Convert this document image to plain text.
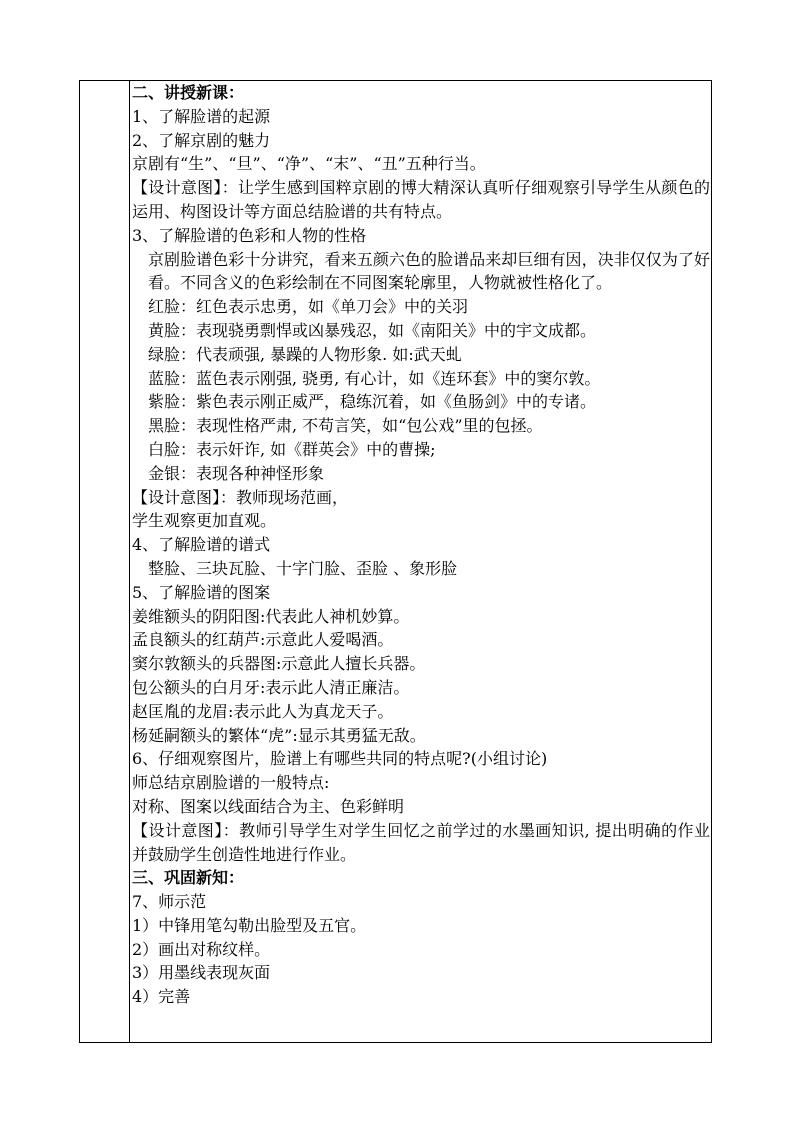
二、讲授新课：
1、了解脸谱的起源
2、了解京剧的魅力
京剧有“生”、“旦”、“净”、“末”、“丑”五种行当。
【设计意图】：让学生感到国粹京剧的博大精深认真听仔细观察引导学生从颜色的运用、构图设计等方面总结脸谱的共有特点。
3、了解脸谱的色彩和人物的性格
京剧脸谱色彩十分讲究，看来五颜六色的脸谱品来却巨细有因，决非仅仅为了好看。不同含义的色彩绘制在不同图案轮廓里，人物就被性格化了。
红脸：红色表示忠勇，如《单刀会》中的关羽
黄脸：表现骁勇剽悍或凶暴残忍，如《南阳关》中的宇文成都。
绿脸：代表顽强, 暴躁的人物形象. 如:武天虬
蓝脸：蓝色表示刚强, 骁勇, 有心计，如《连环套》中的窦尔敦。
紫脸：紫色表示刚正威严，稳练沉着，如《鱼肠剑》中的专诸。
黑脸：表现性格严肃, 不苟言笑，如“包公戏”里的包拯。
白脸：表示奸诈, 如《群英会》中的曹操;
金银：表现各种神怪形象
【设计意图】：教师现场范画，
学生观察更加直观。
4、了解脸谱的谱式
整脸、三块瓦脸、十字门脸、歪脸 、象形脸
5、了解脸谱的图案
姜维额头的阴阳图:代表此人神机妙算。
孟良额头的红葫芦:示意此人爱喝酒。
窦尔敦额头的兵器图:示意此人擅长兵器。
包公额头的白月牙:表示此人清正廉洁。
赵匡胤的龙眉:表示此人为真龙天子。
杨延嗣额头的繁体“虎”:显示其勇猛无敌。
6、仔细观察图片，脸谱上有哪些共同的特点呢?(小组讨论)
师总结京剧脸谱的一般特点:
对称、图案以线面结合为主、色彩鲜明
【设计意图】：教师引导学生对学生回忆之前学过的水墨画知识, 提出明确的作业并鼓励学生创造性地进行作业。
三、巩固新知：
7、师示范
1）中锋用笔勾勒出脸型及五官。
2）画出对称纹样。
3）用墨线表现灰面
4）完善
